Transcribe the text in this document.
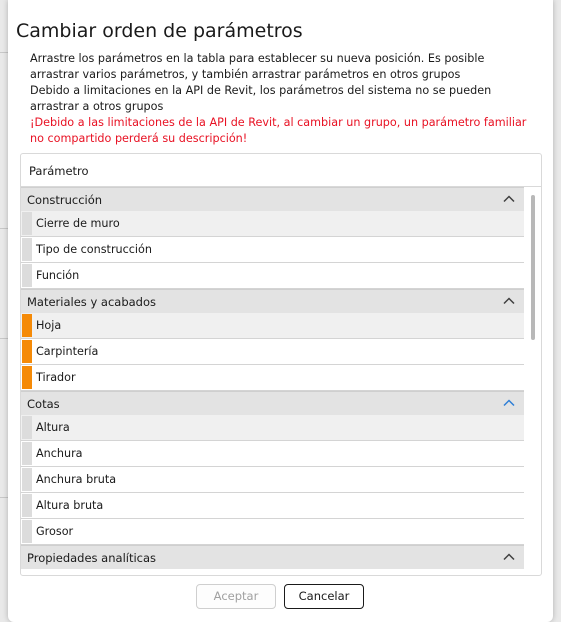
Cambiar orden de parámetros

Arrastre los parámetros en la tabla para establecer su nueva posición. Es posible arrastrar varios parámetros, y también arrastrar parámetros en otros grupos

Debido a limitaciones en la API de Revit, los parámetros del sistema no se pueden arrastrar a otros grupos

¡Debido a las limitaciones de la API de Revit, al cambiar un grupo, un parámetro familiar no compartido perderá su descripción!

Parámetro
Construcción
Cierre de muro
Tipo de construcción
Función
Materiales y acabados
Hoja
Carpintería
Tirador
Cotas
Altura
Anchura
Anchura bruta
Altura bruta
Grosor
Propiedades analíticas
Aceptar	Cancelar
